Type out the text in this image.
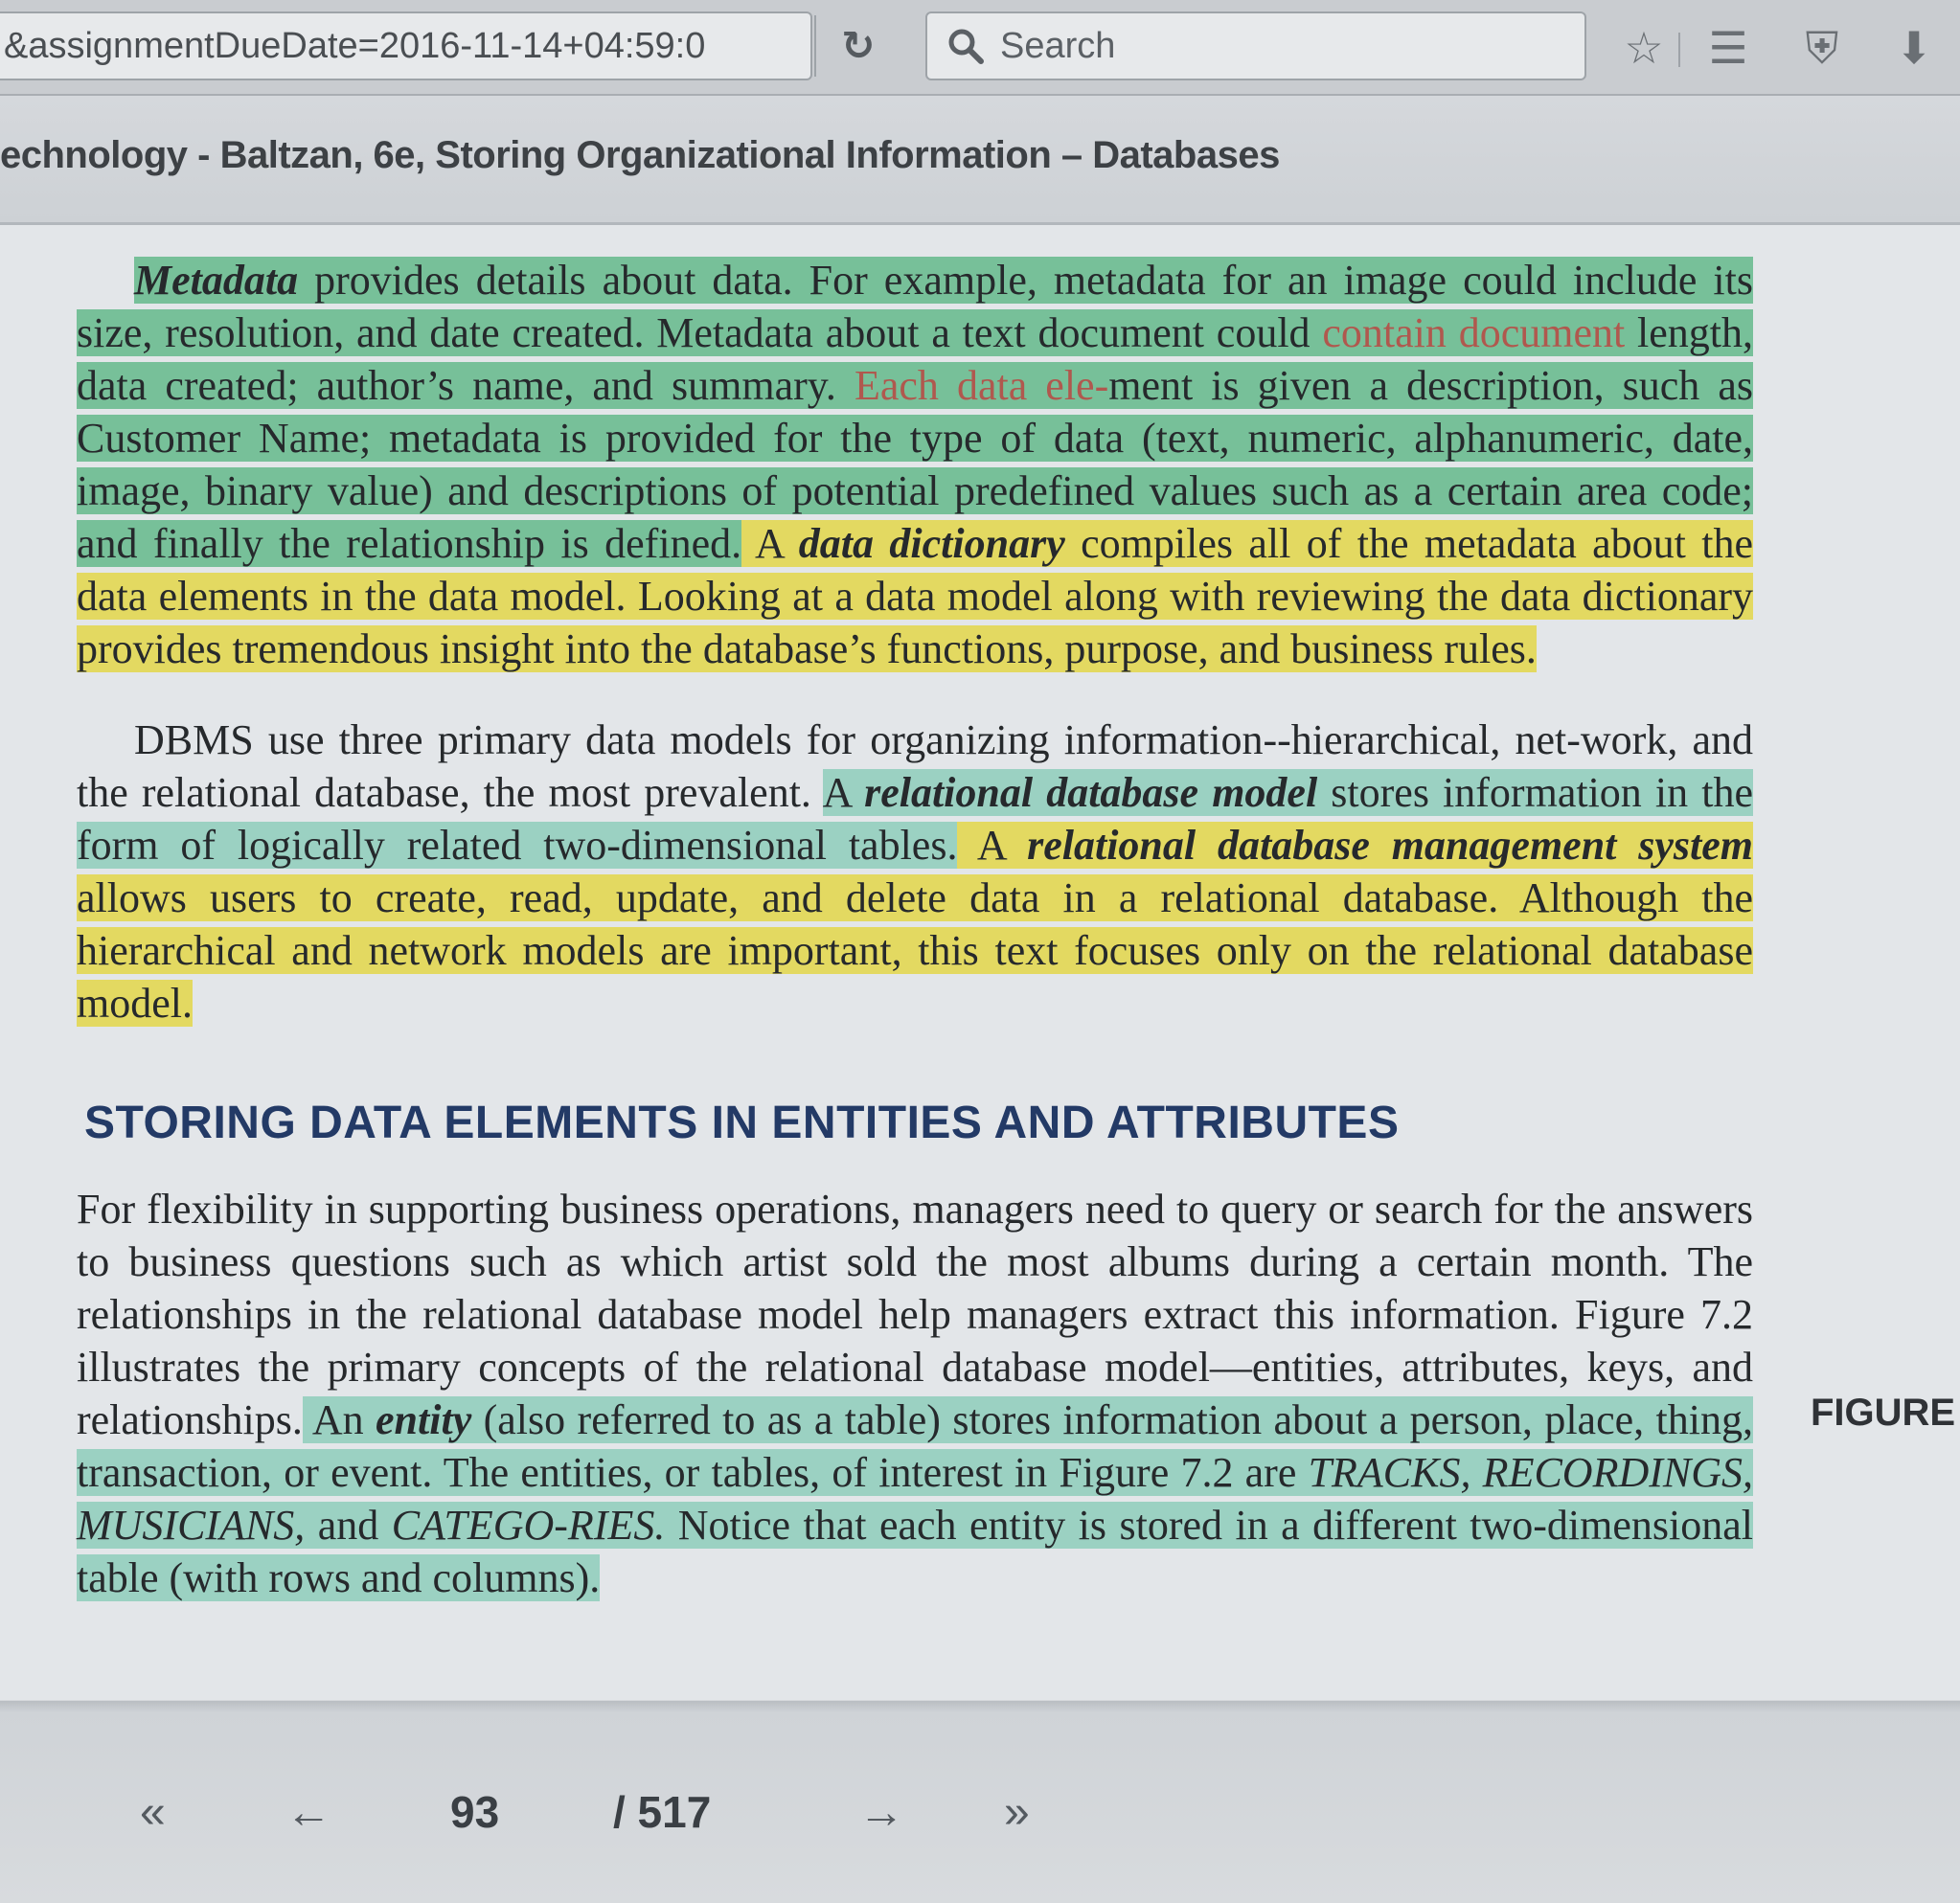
&assignmentDueDate=2016-11-14+04:59:0	↻	Search	☆ ☰ ⛨ ⬇
echnology - Baltzan, 6e, Storing Organizational Information – Databases

Metadata provides details about data. For example, metadata for an image could include its size, resolution, and date created. Metadata about a text document could contain document length, data created; author’s name, and summary. Each data ele-ment is given a description, such as Customer Name; metadata is provided for the type of data (text, numeric, alphanumeric, date, image, binary value) and descriptions of potential predefined values such as a certain area code; and finally the relationship is defined. A data dictionary compiles all of the metadata about the data elements in the data model. Looking at a data model along with reviewing the data dictionary provides tremendous insight into the database’s functions, purpose, and business rules.

DBMS use three primary data models for organizing information--hierarchical, net-work, and the relational database, the most prevalent. A relational database model stores information in the form of logically related two-dimensional tables. A relational database management system allows users to create, read, update, and delete data in a relational database. Although the hierarchical and network models are important, this text focuses only on the relational database model.

STORING DATA ELEMENTS IN ENTITIES AND ATTRIBUTES

For flexibility in supporting business operations, managers need to query or search for the answers to business questions such as which artist sold the most albums during a certain month. The relationships in the relational database model help managers extract this information. Figure 7.2 illustrates the primary concepts of the relational database model—entities, attributes, keys, and relationships. An entity (also referred to as a table) stores information about a person, place, thing, transaction, or event. The entities, or tables, of interest in Figure 7.2 are TRACKS, RECORDINGS, MUSICIANS, and CATEGO-RIES. Notice that each entity is stored in a different two-dimensional table (with rows and columns).

FIGURE
«	←	93	/ 517	→ »
